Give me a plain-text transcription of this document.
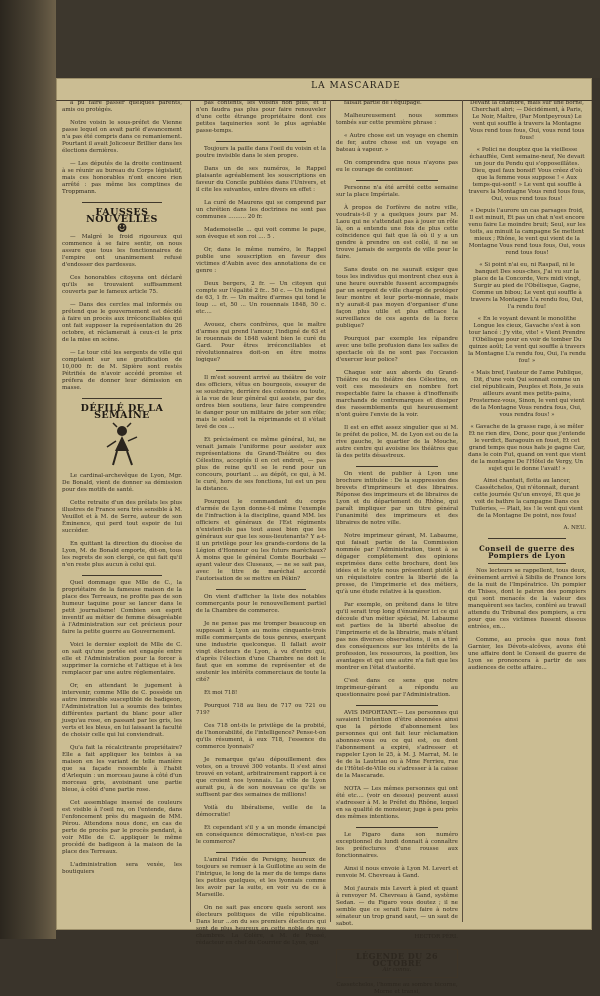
LA MASCARADE

a pu faire passer quelques parents, amis ou protégés.

Notre voisin le sous-préfet de Vienne passe lequel on avait parlé d'avancement n'a pas été compris dans ce remaniement. Pourtant il avait Jolicoeur Brillier dans les élections dernières.

— Les députés de la droite continuent à se réunir au bureau du Corps législatif, mais ces honorables n'ont encore rien arrêté : pas même les comptines de Troppmann.

FAUSSES NOUVELLES
☻

— Malgré le froid rigoureux qui commence à se faire sentir, on nous assure que tous les fonctionnaires de l'empire ont unanimement refusé d'endosser des pardessus.

Ces honorables citoyens ont déclaré qu'ils se trouvaient suffisamment couverts par le fameux article 75.

— Dans des cercles mal informés ou prétend que le gouvernement est décidé à faire un procès aux irréconciliables qui ont fait supposer la représentation du 26 octobre, et réclamerait à ceux-ci le prix de la mise en scène.

— Le tour cité les sergents de ville qui comptaient sur une gratification de 10,000 fr. de M. Sipière sont restés Pétrifiés de n'avoir accédé promise et préfera de donner leur démission en masse.

DÉFILÉ DE LA SEMAINE

Le cardinal-archevêque de Lyon, Mgr. De Bonald, vient de donner sa démission pour des motifs de santé.

Cette retraite d'un des prélats les plus illustres de France sera très sensible à M. Veuillot et à M. de Serre, auteur de son Éminence, qui perd tout espoir de lui succéder.

En quittant la direction du diocèse de Lyon, M. de Bonald emporte, dit-on, tous les regrets de son clergé, ce qui fait qu'il n'en reste plus aucun à celui qui.

Quel dommage que Mlle de C., la propriétaire de la fameuse maison de la place des Terreaux, ne profite pas de son humeur taquine pour se lancer dans le petit journalisme! Combien son esprit inventif au métier de femme désagréable à l'Administration sur cet précieux pour faire la petite guerre au Gouvernement.

Voici le dernier exploit de Mlle de C. on sait qu'une portée est engagée entre elle et l'Administration pour la forcer à supprimer la corniche et l'attique et à les remplacer par une autre réglementaire.

Or, en attendant le jugement à intervenir, comme Mlle de C. possède un autre immeuble susceptible de badigeon, l'Administration lui a soumis des teintes différentes partant du blanc pour aller jusqu'au rose, en passant par les gris, les verts et les bleus, en lui laissant la faculté de choisir celle qui lui conviendrait.

Qu'a fait la récalcitrante propriétaire? Elle a fait appliquer les teintes à sa maison en les variant de telle manière que sa façade ressemble à l'habit d'Arlequin : un morceau jaune à côté d'un morceau gris, avoisinant une partie bleue, à côté d'une partie rose.

Cet assemblage insensé de couleurs est visible à l'oeil nu, on l'entende, dans l'enfoncement près du magasin de MM. Pérou. Attendons nous donc, en cas de perte de procès par le procès pendant, à voir Mlle de C. appliquer le même procédé de badigeon à la maison de la place des Terreaux.

L'administration sera vexée, les boutiquiers

pas contents, les voisins non plus, et il n'en faudra pas plus pour faire renouveler d'une cette étrange propriétaire dont ces petites taquineries sont le plus agréable passe-temps.

Toujours la paille dans l'oeil du voisin et la poutre invisible dans le sien propre.

Dans un de ses numéros, le Rappel plaisante agréablement les souscriptions en faveur du Concile publiées dans l'Univers, et il cite les suivantes, entre divers en effet :

La curé de Maurens qui se comprend par un chrétien dans les doctrines ne sont pas communes .......... 20 fr.

Mademoiselle ... qui voit comme le pape, son éveque et son roi .... 5 .

Or, dans le même numéro, le Rappel publie une souscription en faveur des victimes d'Aubin avec des annotations de ce genre :

Deux bergers, 2 fr. — Un citoyen qui compte sur l'égalité 2 fr... 50 c. — Un indigné de 63, 1 fr. — Un maître d'armes qui tond le loup ... et, 50 ... Un rouennais 1848, 50 c. etc....

Avouez, chers confrères, que le maître d'armes qui prend l'amour, l'indigné de 63 et le rouennais de 1848 valent bien le curé du Gard. Pour êtres irréconciliables et révolutionnaires doit-on en être moins logique?

Il m'est souvent arrivé au théâtre de voir des officiers, vêtus en bourgeois, essayer de se soustraire, derrière des colonnes ou toute, à la vue de leur général qui assiste, par des ordres bien soutiens, leur faire comprendre le danger pour un militaire de jeter son rôle; mais le soleil voit la réprimande et il s'était levé de ces ...

Et précisément ce même général, lui, ne venait jamais l'uniforme pour assister aux représentations du Grand-Théâtre ou des Célestins, acceptés il en cet endroit, — pas plus de reine qu'il se le rend pour un concours, pourtant ... au dépôt, ce qui, à M. le curé, hors de ses fonctions, lui est un peu la distance.

Pourquoi le commandant du corps d'armée de Lyon donne-t-il même l'exemple de l'infraction à la discipline, quand MM. les officiers et généraux de l'Est régiments n'existent-ils pas tout aussi bien que les généraux sur que les sous-lieutenants? Y a-t-il un privilège pour les grands-cordons de la Légion d'Honneur ou les futurs maréchaux? À moins que le général Comte Bourbaki — ayant valeur des Cluseaux, — ne se sait pas, avec le titre de maréchal accordé l'autorisation de se mettre en Pékin?

On vient d'afficher la liste des notables commerçants pour le renouvellement partiel de la Chambre de commerce.

Je ne pense pas me tromper beaucoup en supposant à Lyon au moins cinquante-trois mille commerçants de tous genres, exerçant une industrie quelconque. Il fallait avoir vingt électeurs de Lyon, à vu d'entre qui, d'après l'élection d'une Chambre ne doit le faut que en somme de représenter et de soutenir les intérêts commerciaux de toute la cité?

Et moi 718!

Pourquoi 718 au lieu de 717 ou 721 ou 719?

Ces 718 ont-ils le privilège de la probité, de l'honorabilité, de l'intelligence? Pense-t-on qu'ils résument, à eux 718, l'essence du commerce lyonnais?

Je remarque qu'au dépouillement des votes, on a trouvé 300 votants. Il s'est ainsi trouvé en votant, arbitrairement rapport à ce que croient nos lyonnais. La ville de Lyon aurait pu, à de son nouveau ce qu'ils se suffisent par des semaines de millions!

Voilà du libéralisme, veille de la démocratie!

Et cependant s'il y a un monde émancipé en conséquence démocratique, n'est-ce pas le commerce?

L'amiral Fidée de Persigny, heureux de toujours se remuer à la Guillotine au sein de l'intrigue, le long de la mer du de temps dans les petites quelques, et les lyonnais comme les avoir par la suite, en voir vu de ce à Marseille.

On ne sait pas encore quels seront ses électeurs politiques de ville républicaine. Dans leur ...on du ses premiers électeurs qui sont de plus heureux en cette noble de nos chambres. La Colère, a M. de Pressé, rédacteur en chef du Courrier de Lyon, qui

faisait partie de l'équipage.

Malheureusement nous sommes tombés sur cette première phrase :

« Autre chose est un voyage en chemin de fer, autre chose est un voyage en bateau à vapeur. »

On comprendra que nous n'ayons pas eu le courage de continuer.

Personne n'a été arrêté cette semaine sur la place Impériale.

À propos de l'orfèvre de notre ville, voudrais-t-il y a quelques jours par M. Laou qui ne s'attendait pas à jouer un rôle là, on a entendu une fois de plus cette coïncidence qui fait que là où il y a un gendre à prendre on est collé, il ne se trouve jamais de sergents de ville pour le faire.

Sans doute on ne saurait exiger que tous les individus qui montrent chez eux à une heure ouvrable fussent accompagnés par un sergent de ville chargé de protéger leur montre et leur porte-monnaie, mais n'y aurait-il pas moyen d'organiser d'une façon plus utile et plus efficace la surveillance de ces agents de la force publique?

Pourquoi par exemple les répandre avec une telle profusion dans les salles de spectacle où ils ne sont pas l'occasion d'exercer leur police?

Chaque soir aux abords du Grand-Théâtre ou du théâtre des Célestins, on voit ces messieurs en nombre fort respectable faire la chasse à d'inoffensifs marchands de contremarques et dissiper des rassemblements qui heureusement n'ont guère l'envie de la voir.

Il est en effet assez singulier que si M. le préfet de police, M. de Lyon est ou de la rive gauche, le quartier de la Mouche, autre centre qui avoisine les théâtres que là des petits désastreux.

On vient de publier à Lyon une brochure intitulée : De la suppression des brevets d'imprimeurs et des libraires. Réponse des imprimeurs et de libraires de Lyon et du département du Rhône, qui paraît impliquer par un titre général l'unanimité des imprimeurs et des libraires de notre ville.

Notre imprimeur gérant, M. Labaume, qui faisait partie de la Commission nommée par l'Administration, tient à se dégager complètement des opinions exprimées dans cette brochure, dont les idées et le style nous présentent plutôt à un réquisitoire contre la liberté de la presse, de l'imprimerie et des métiers, qu'à une étude relative à la question.

Par exemple, on prétend dans le titre qu'il serait trop long d'énumérer ici ce qui découle d'un métier spécial, M. Labaume est parties de la liberté absolue de l'imprimerie et de la librairie, mais n'étant pas nos diverses observations, il en a tiré des conséquences sur les intérêts de la profession, les ressources, la position, les avantages et qui une autre n'a fait que les montrer en l'état d'autorité.

C'est dans ce sens que notre imprimeur-gérant a répondu au questionnaire posé par l'Administration.

AVIS IMPORTANT.— Les personnes qui savaient l'intention d'être abonnées ainsi que la période d'abonnement les personnes qui ont fait leur réclamation abonnez-vous ou ce qui est, ou dont l'abonnement a expiré, s'adresser et rappeler Lyon le 25, à M. J. Marrat, M. le 4e de la Lautriau ou à Mme Ferrieu, rue de l'Hôtel-de-Ville ou s'adresser à la caisse de la Mascarade.

NOTA — Les mêmes personnes qui ont été etc.... (voir en dessus) peuvent aussi s'adresser à M. le Préfet du Rhône, lequel en sa qualité de monsieur, juge à peu près des mêmes intentions.

Le Figaro dans son numéro exceptionnel du lundi donnait à connaître les préfectures d'une rousse aux fonctionnaires.

Ainsi il nous envoie à Lyon M. Levert et renvoie M. Chevreau à Gand.

Moi j'aurais mis Levert à pied et quant à renvoyer M. Chevreau à Gand, système Sedan. — du Figaro vous doutez ; il ne semble que ce serait faire faire à notre sénateur un trop grand saut, — un saut de sabot.

HECTOR PÉRI.

LÉGENDE DU 26 OCTOBRE
Air connu.

Cassetchelos, l'homme au sombre bicorne, Morne et transi,

Devant la chambre, mais sur une borne, Cherchait abri; — Décidément, à Paris, Le Noir, Maître, (Par Montpeyroux) Le vent qui souffle à travers la Montagne Vous rend tous fous, Oui, vous rend tous fous!

« Polici ne douptez que la vieillesse échauffée, Cent semaine-neuf, Ne devait un jour du Pendu qui s'opposeillâtes. Dieu, quel faux bonsif! Vous créez d'où que la femme vous suppose ! « Aux temps-qui-sont! » Le vent qui souffle à travers la Montagne Vous rend tous fous, Oui, vous rend tous fous!

« Depuis l'aurore un cas parsages froid, Il est minuit, Et pas un chat n'est encore venu faire Le moindre bruit; Seul, sur les toits, au minuit la campagne Se mettent mieux ; Rhône, le vent qui vient de la Montagne Vous rend tous fous, Oui, vous rend tous fous!

« Si point n'ai eu, ni Raspail, ni le banquet Des sous-ches, J'ai vu sur la place de la Concorde, Vers midi vingt, Surgir au pied de l'Obélisque, Gagne, Comme un bibou; Le vent qui souffle à travers la Montagne L'a rendu fou, Oui, l'a rendu fou!

« En le voyant devant le monolithe Longue les cieux, Gavache s'est à son tour lancé : J'y vite, vite! « Vient Prendre l'Obélisque pour en voir de tomber Du quinze août; Le vent qui souffle à travers la Montagne L'a rendu fou, Oui, l'a rendu fou! »

« Mais bref, l'auteur de l'ame Publique, Dit, d'une voix Qui sonnait comme un ciel républicain, Peuples et Rois, Je suis ailleurs avant mes petits-pains, Prosternez-vous, Sinon, le vent qui vient de la Montagne Vous rendra fous, Oui, vous rendra fous! »

« Gavache de la grasse rage, à se mêler Et ne rien dire, Donc, pour que j'entende le verdict, Baragouin en fouet, Et cet grand temps que nous haïs je gagne Car, dans le coin Fut, quand on vent que vient de la montagne De l'Hôtel de Vergy, Un sujet qui le donne l'avait! »

Ainsi chantait, flotta au lancer, Cassétchelos, Qui n'étonnait, durant cette journée Qu'un envoyé, Et que je voit de bathre la campagne Dans ces Tuileries, — Plait, les ! le vent qui vient de la Montagne De point, nos fous!

A. NEU.

Conseil de guerre des Pompiers de Lyon

Nos lecteurs se rappellent, tous deux, évènement arrivé à Sibilis de France lors de la nuit de l'Impératrice. Un pompier de Thises, dont le patron des pompiers qui sont menacés de la valeur des manquèrent ses tacles, conféré au travail attendu du Tribunal des pompiers, a cru pour que ces victimes fussent dissous entrées, en...

Comme, au procès que nous font Garnier, les Dévots-alcôves, avons été une affaire dont le Conseil de guerre de Lyon se prononcera à partir de ses audiences de cette affaire...
